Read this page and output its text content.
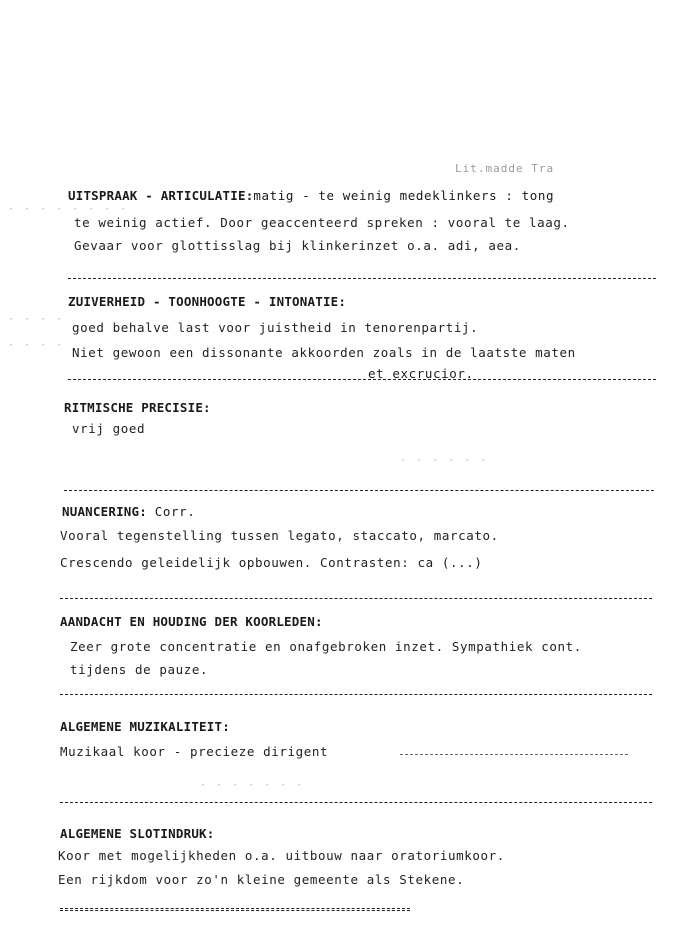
Lit.madde Tra
· · · · · · · ·
· · · ·
· · · ·
· · · · · ·
· · · · · · ·
UITSPRAAK - ARTICULATIE:matig - te weinig medeklinkers : tong
te weinig actief. Door geaccenteerd spreken : vooral te laag.
Gevaar voor glottisslag bij klinkerinzet o.a. adi, aea.
ZUIVERHEID - TOONHOOGTE - INTONATIE:
goed behalve last voor juistheid in tenorenpartij.
Niet gewoon een dissonante akkoorden zoals in de laatste maten
et excrucior.
RITMISCHE PRECISIE:
vrij goed
NUANCERING: Corr.
Vooral tegenstelling tussen legato, staccato, marcato.
Crescendo geleidelijk opbouwen. Contrasten: ca (...)
AANDACHT EN HOUDING DER KOORLEDEN:
Zeer grote concentratie en onafgebroken inzet. Sympathiek cont.
tijdens de pauze.
ALGEMENE MUZIKALITEIT:
Muzikaal koor - precieze dirigent
ALGEMENE SLOTINDRUK:
Koor met mogelijkheden o.a. uitbouw naar oratoriumkoor.
Een rijkdom voor zo'n kleine gemeente als Stekene.
